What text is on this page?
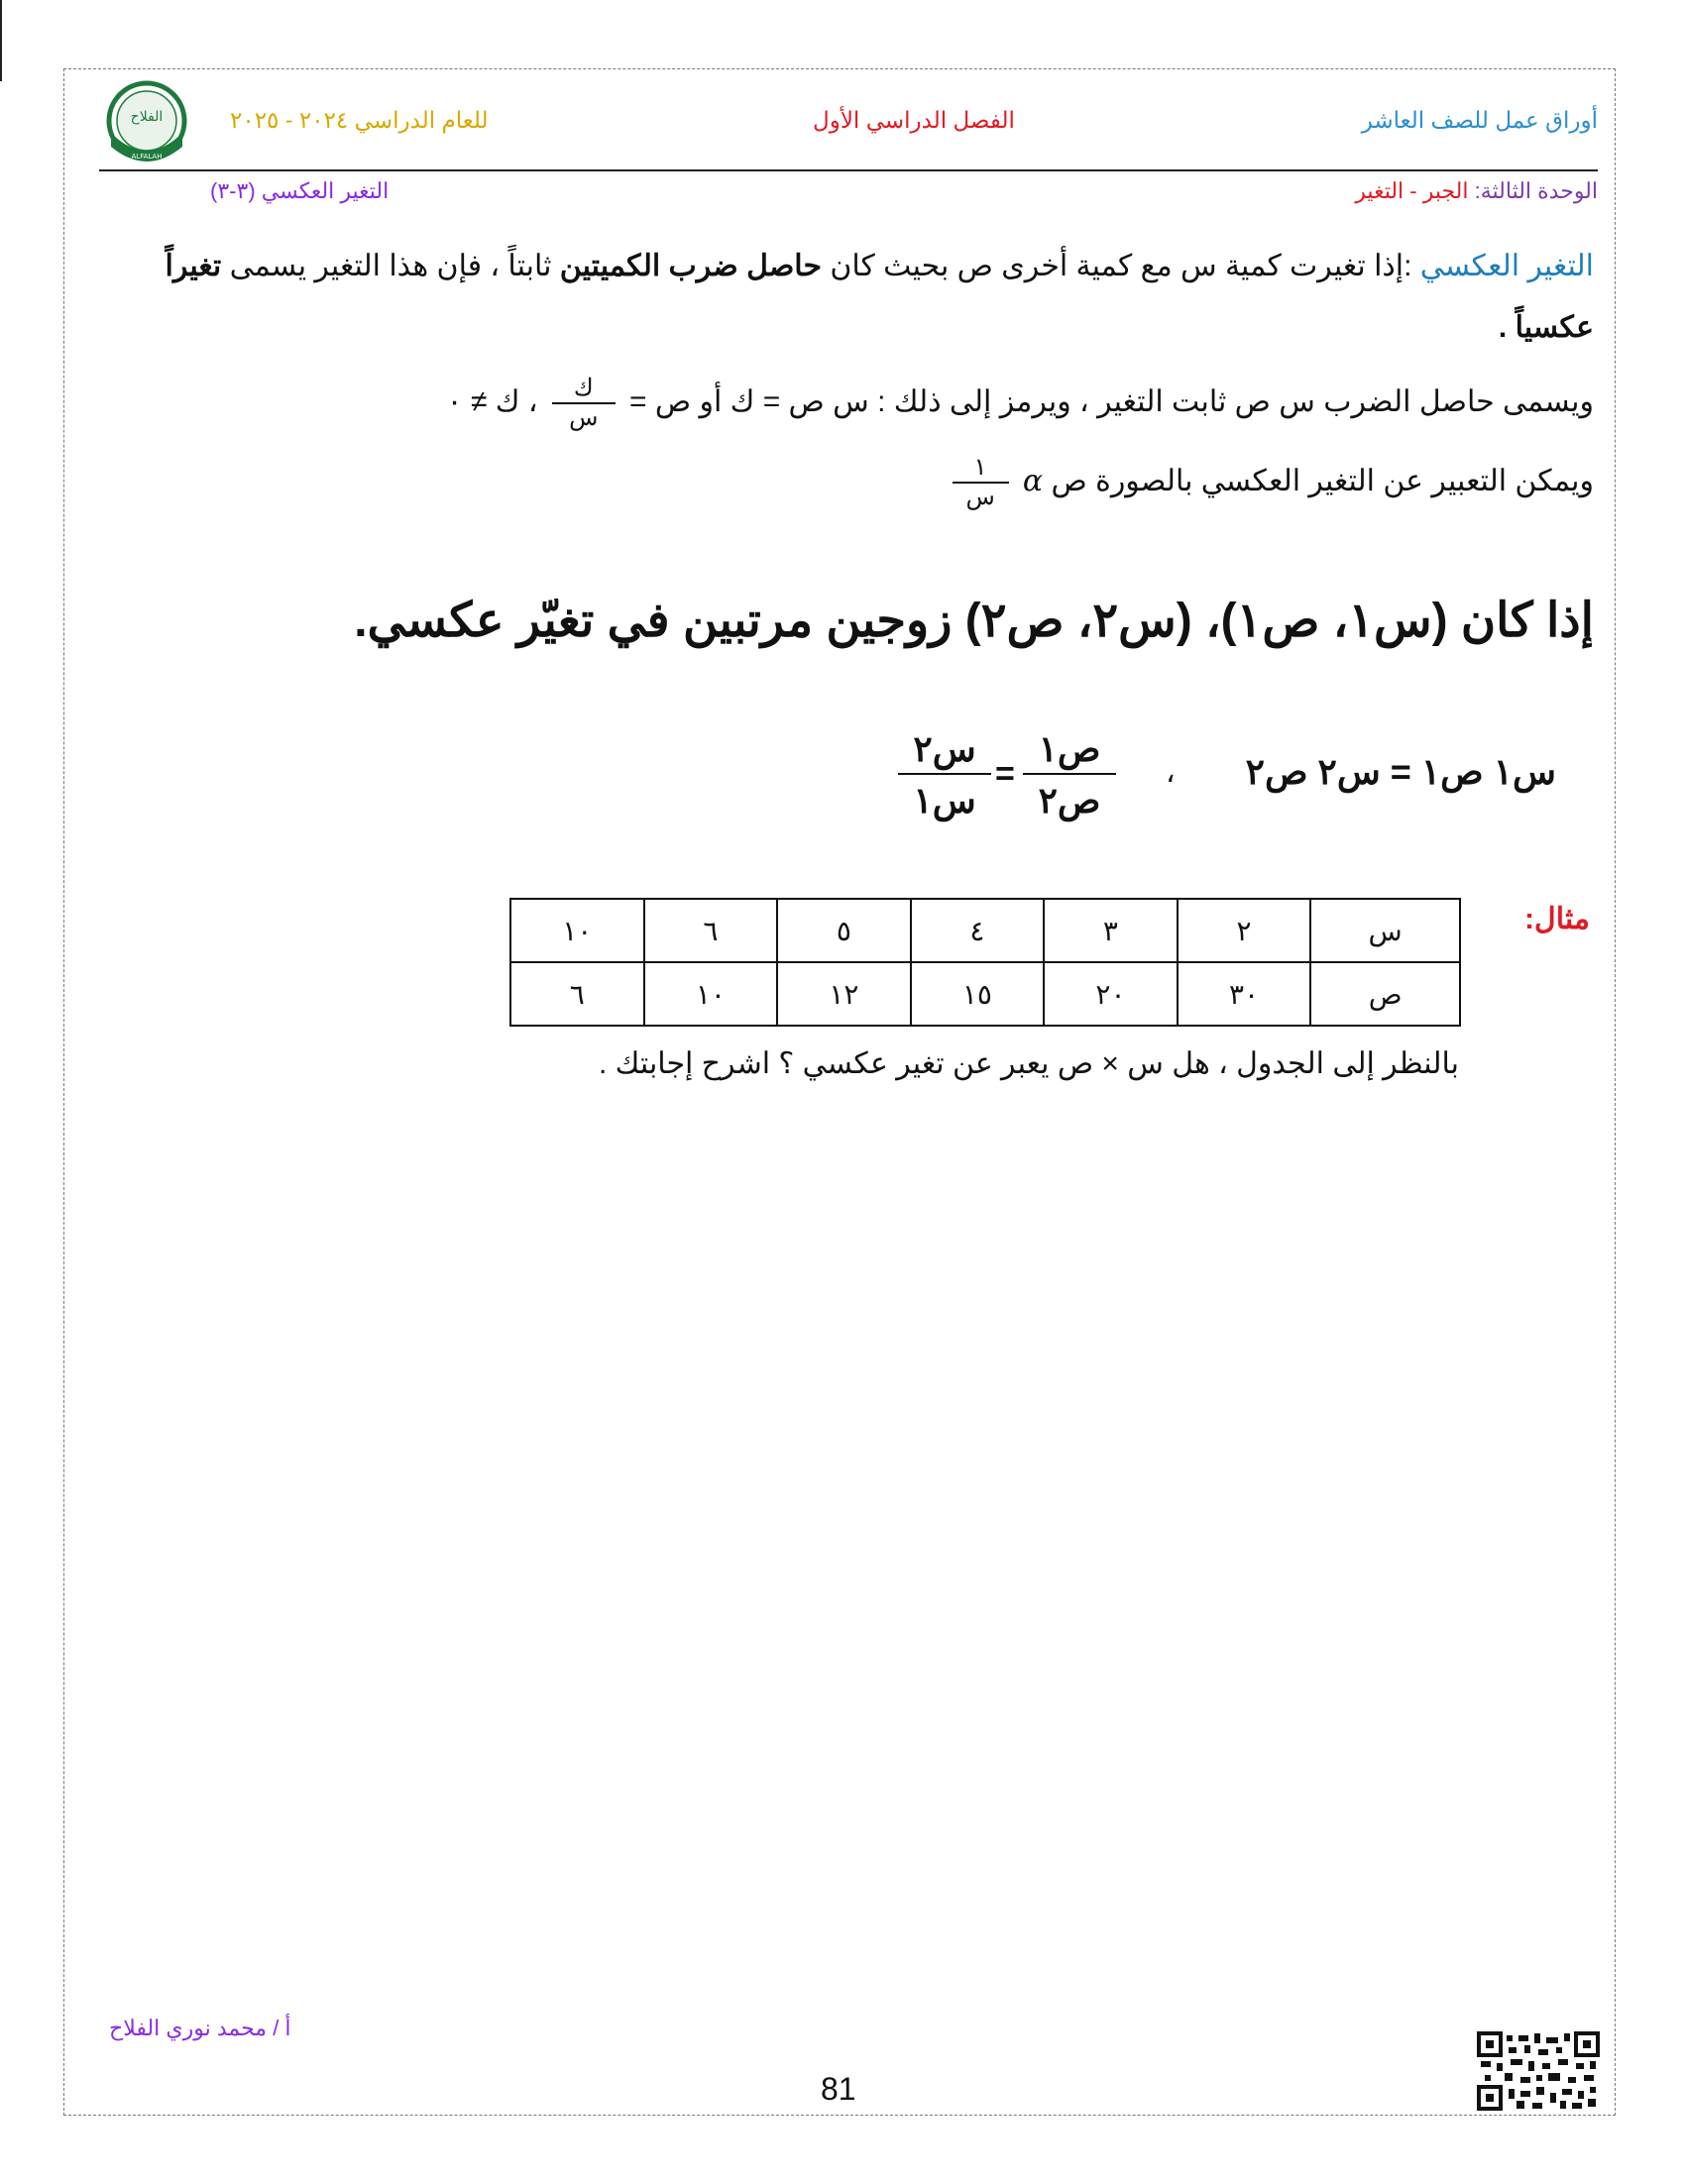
الفلاح
ALFALAH
أوراق عمل للصف العاشر
الفصل الدراسي الأول
للعام الدراسي ٢٠٢٤ - ٢٠٢٥
الوحدة الثالثة: الجبر - التغير
التغير العكسي (٣-٣)
التغير العكسي :إذا تغيرت كمية س مع كمية أخرى ص بحيث كان حاصل ضرب الكميتين ثابتاً ، فإن هذا التغير يسمى تغيراً عكسياً .
ويسمى حاصل الضرب س ص ثابت التغير ، ويرمز إلى ذلك : س ص = ك أو ص =
$\frac{\text{ك}}{\text{س}}$
، ك ≠ ٠
ويمكن التعبير عن التغير العكسي بالصورة ص α
$\frac{١}{\text{س}}$
إذا كان (س١، ص١)، (س٢، ص٢) زوجين مرتبين في تغيّر عكسي.
س١ ص١ = س٢ ص٢
،
س٢
س١
=
ص١
ص٢
مثال:
س	٢	٣	٤	٥	٦	١٠
ص	٣٠	٢٠	١٥	١٢	١٠	٦
بالنظر إلى الجدول ، هل س × ص يعبر عن تغير عكسي ؟ اشرح إجابتك .
أ / محمد نوري الفلاح
81
